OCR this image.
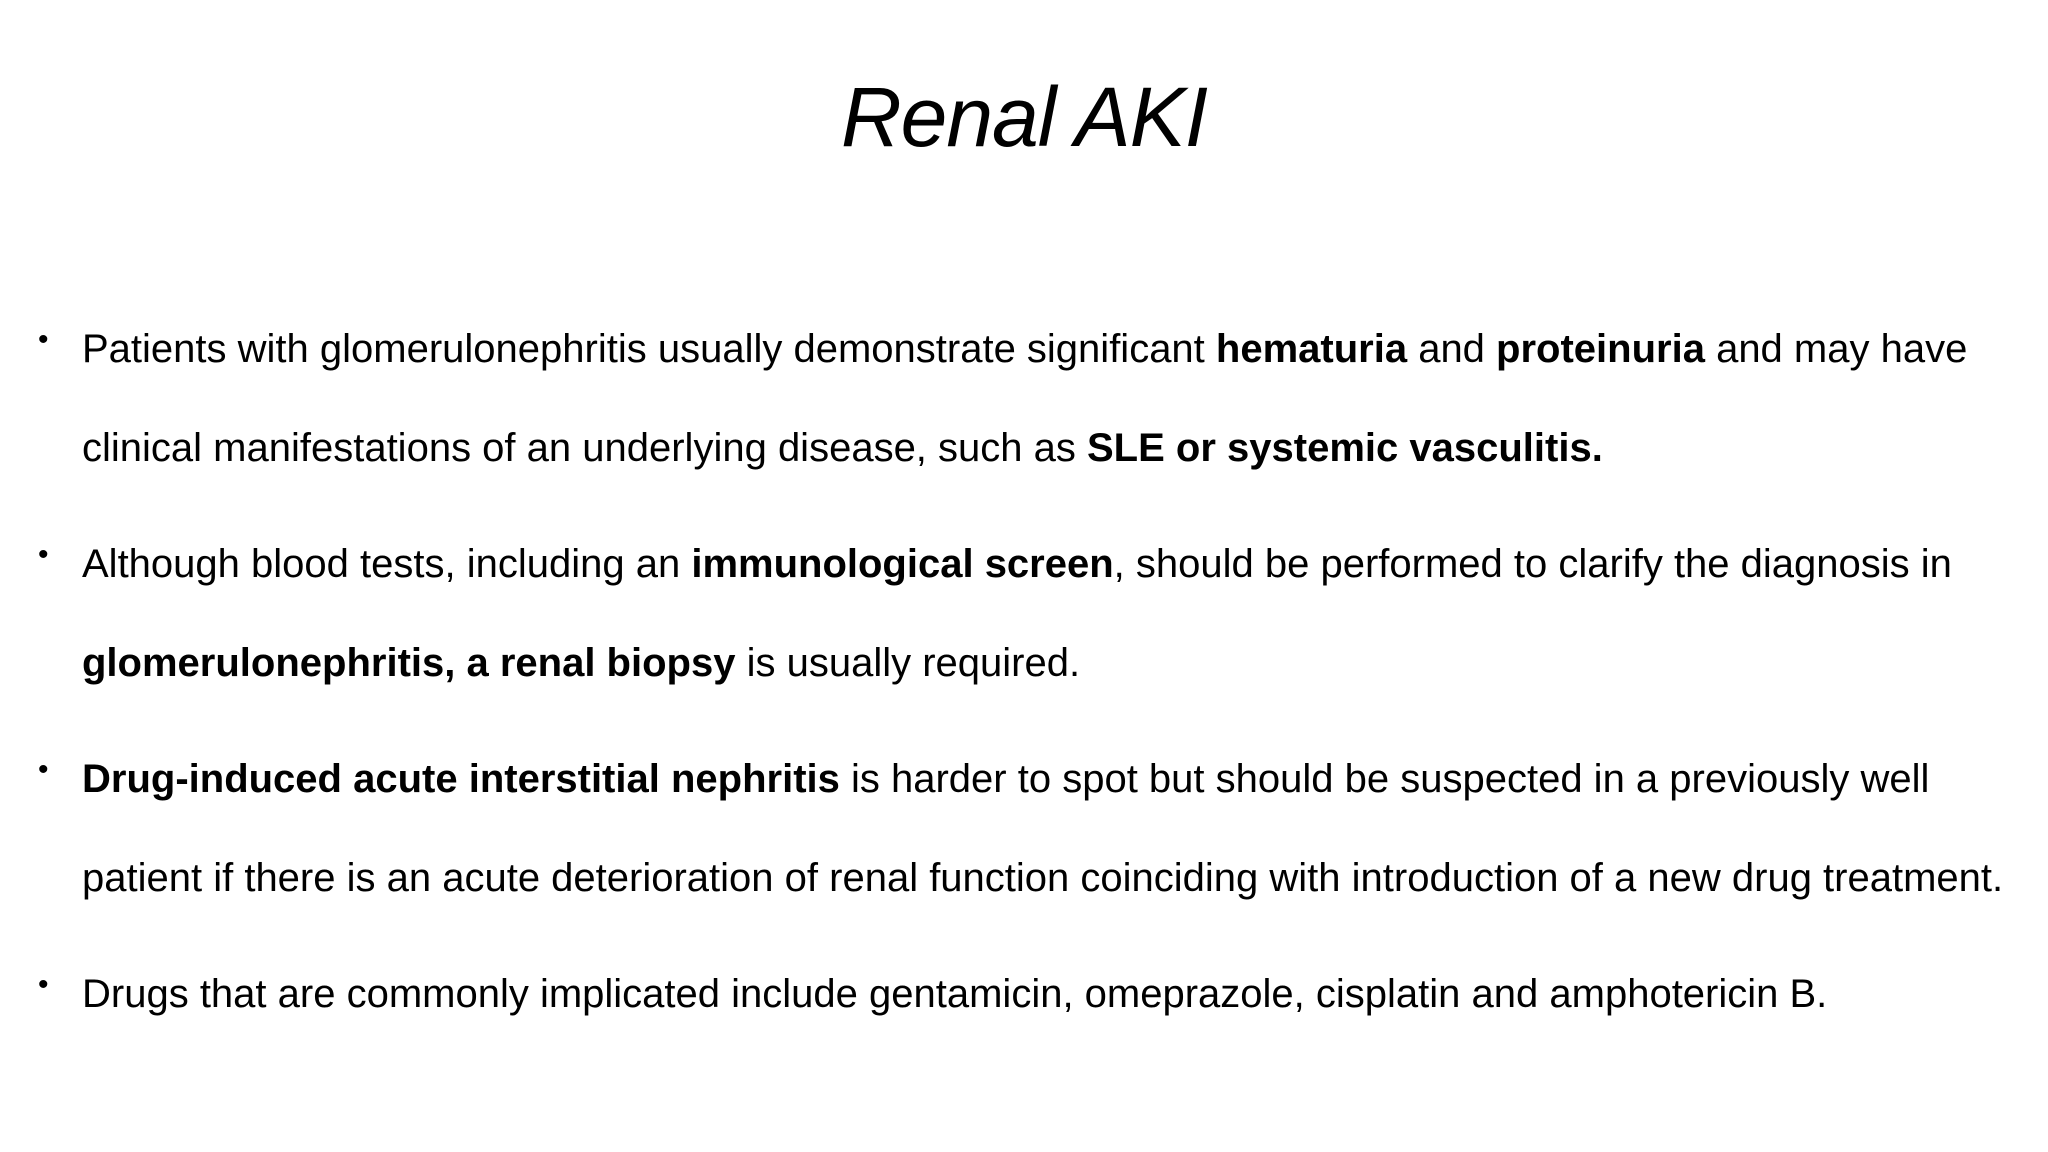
Renal AKI
• Patients with glomerulonephritis usually demonstrate significant hematuria and proteinuria and may have clinical manifestations of an underlying disease, such as SLE or systemic vasculitis.
• Although blood tests, including an immunological screen, should be performed to clarify the diagnosis in glomerulonephritis, a renal biopsy is usually required.
• Drug-induced acute interstitial nephritis is harder to spot but should be suspected in a previously well patient if there is an acute deterioration of renal function coinciding with introduction of a new drug treatment.
• Drugs that are commonly implicated include gentamicin, omeprazole, cisplatin and amphotericin B.
